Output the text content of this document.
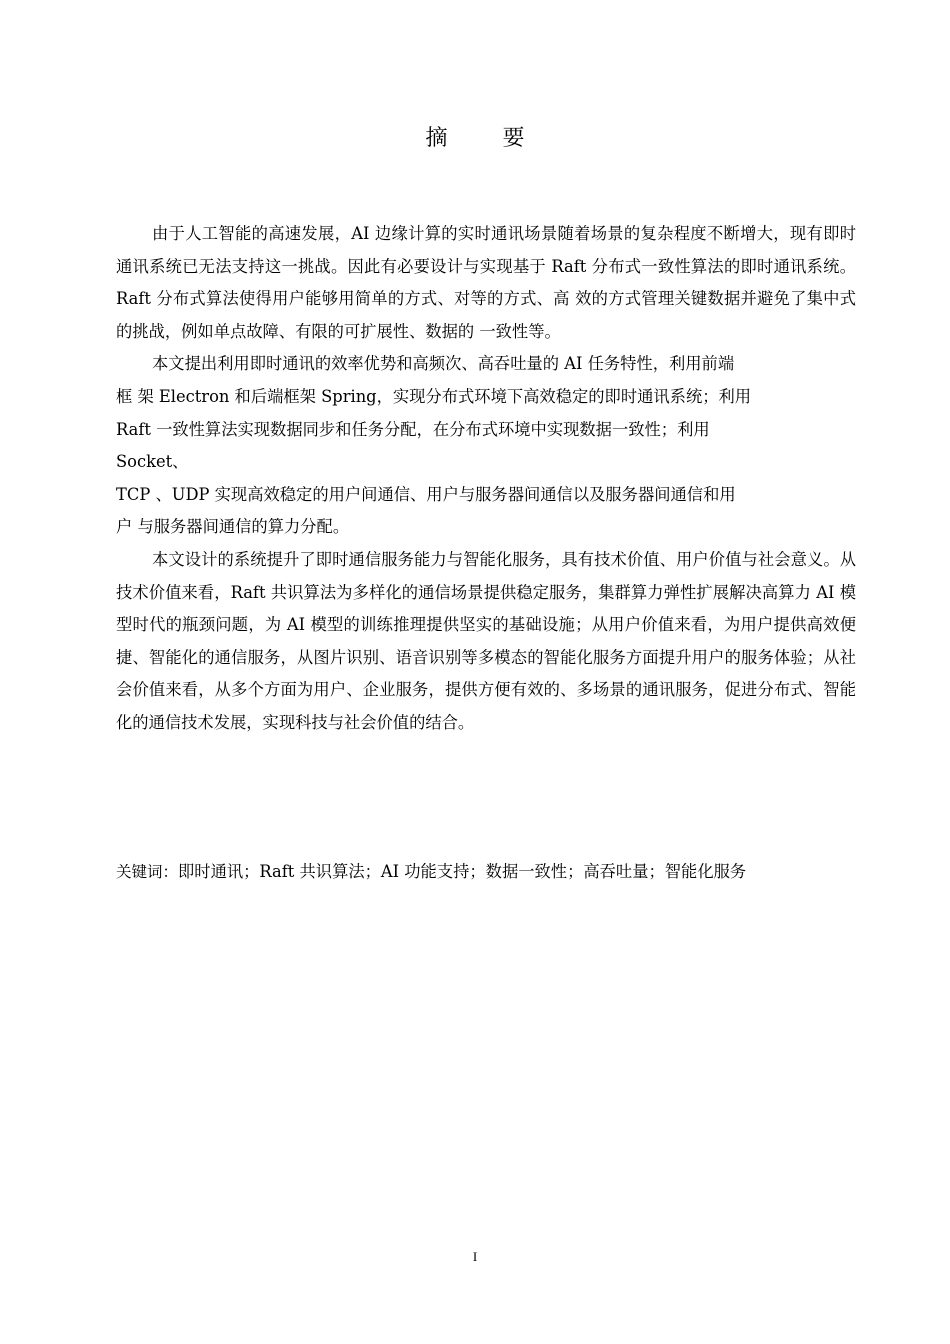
摘 要

由于人工智能的高速发展，AI 边缘计算的实时通讯场景随着场景的复杂程度不断增大，现有即时通讯系统已无法支持这一挑战。因此有必要设计与实现基于 Raft 分布式一致性算法的即时通讯系统。Raft 分布式算法使得用户能够用简单的方式、对等的方式、高 效的方式管理关键数据并避免了集中式的挑战，例如单点故障、有限的可扩展性、数据的 一致性等。

本文提出利用即时通讯的效率优势和高频次、高吞吐量的 AI 任务特性，利用前端
框 架 Electron 和后端框架 Spring，实现分布式环境下高效稳定的即时通讯系统；利用
Raft 一致性算法实现数据同步和任务分配，在分布式环境中实现数据一致性；利用
Socket、
TCP 、UDP 实现高效稳定的用户间通信、用户与服务器间通信以及服务器间通信和用
户 与服务器间通信的算力分配。

本文设计的系统提升了即时通信服务能力与智能化服务，具有技术价值、用户价值与社会意义。从技术价值来看，Raft 共识算法为多样化的通信场景提供稳定服务，集群算力弹性扩展解决高算力 AI 模型时代的瓶颈问题，为 AI 模型的训练推理提供坚实的基础设施；从用户价值来看，为用户提供高效便捷、智能化的通信服务，从图片识别、语音识别等多模态的智能化服务方面提升用户的服务体验；从社会价值来看，从多个方面为用户、企业服务，提供方便有效的、多场景的通讯服务，促进分布式、智能化的通信技术发展，实现科技与社会价值的结合。

关键词：即时通讯；Raft 共识算法；AI 功能支持；数据一致性；高吞吐量；智能化服务
I
